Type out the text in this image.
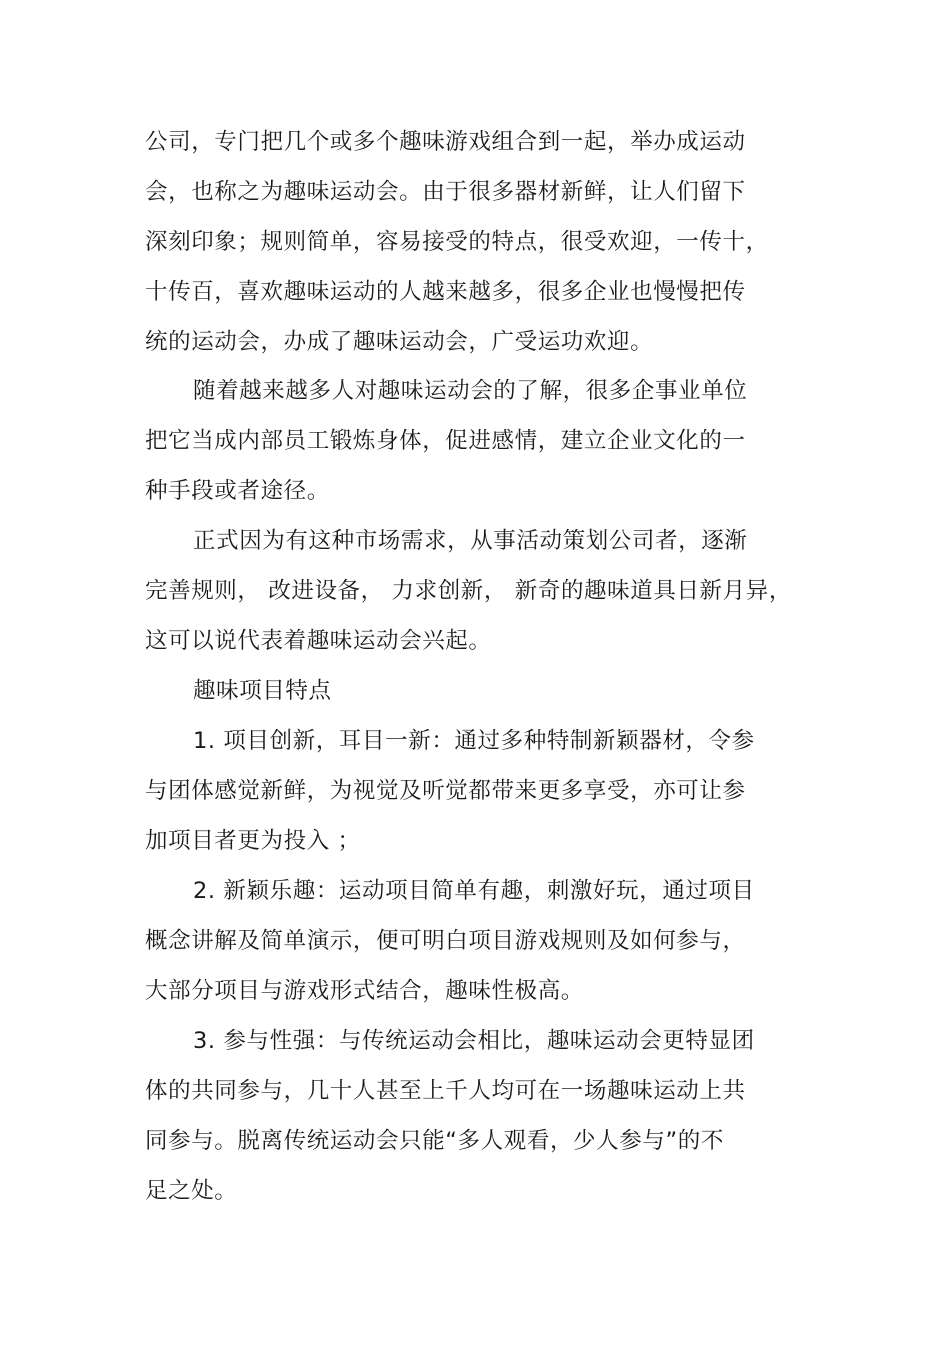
公司，专门把几个或多个趣味游戏组合到一起，举办成运动
会，也称之为趣味运动会。由于很多器材新鲜，让人们留下
深刻印象；规则简单，容易接受的特点，很受欢迎，一传十，
十传百，喜欢趣味运动的人越来越多，很多企业也慢慢把传
统的运动会，办成了趣味运动会，广受运功欢迎。
随着越来越多人对趣味运动会的了解，很多企事业单位
把它当成内部员工锻炼身体，促进感情，建立企业文化的一
种手段或者途径。
正式因为有这种市场需求，从事活动策划公司者，逐渐
完善规则， 改进设备， 力求创新， 新奇的趣味道具日新月异，
这可以说代表着趣味运动会兴起。
趣味项目特点
1. 项目创新，耳目一新：通过多种特制新颖器材，令参
与团体感觉新鲜，为视觉及听觉都带来更多享受，亦可让参
加项目者更为投入 ；
2. 新颖乐趣：运动项目简单有趣，刺激好玩，通过项目
概念讲解及简单演示，便可明白项目游戏规则及如何参与，
大部分项目与游戏形式结合，趣味性极高。
3. 参与性强：与传统运动会相比，趣味运动会更特显团
体的共同参与，几十人甚至上千人均可在一场趣味运动上共
同参与。脱离传统运动会只能“多人观看，少人参与”的不
足之处。
